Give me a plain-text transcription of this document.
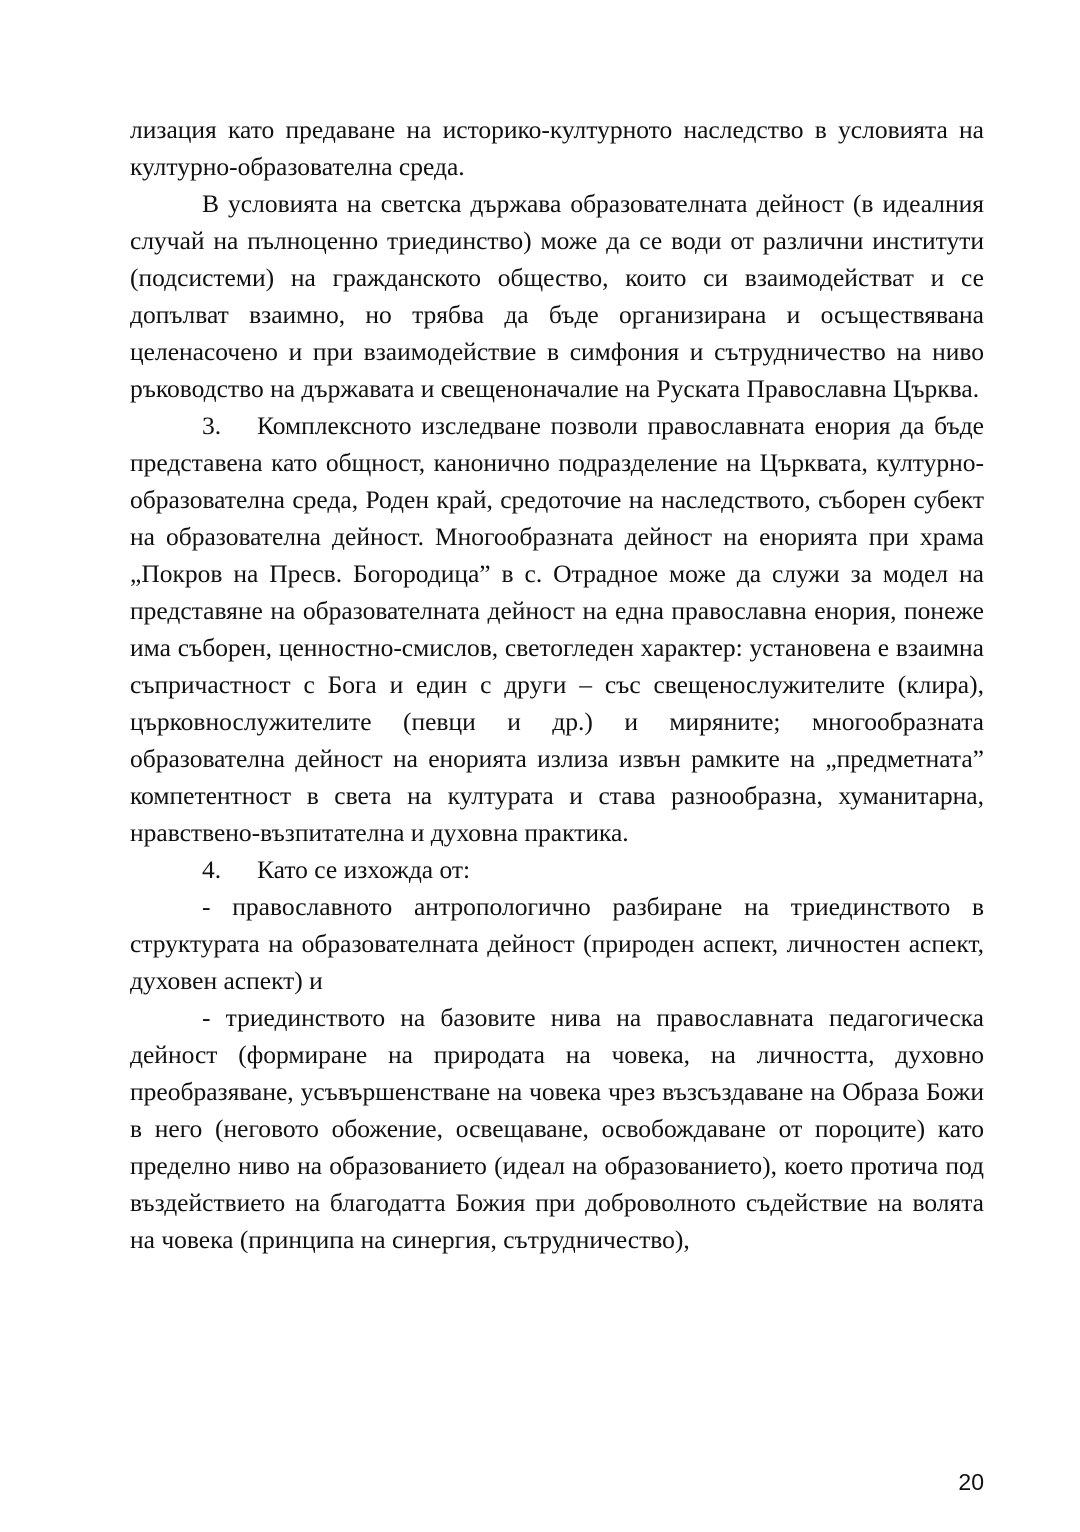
лизация като предаване на историко-културното наследство в условията на културно-образователна среда.

В условията на светска държава образователната дейност (в идеалния случай на пълноценно триединство) може да се води от различни институти (подсистеми) на гражданското общество, които си взаимодействат и се допълват взаимно, но трябва да бъде организирана и осъществявана целенасочено и при взаимодействие в симфония и сътрудничество на ниво ръководство на държавата и свещеноначалие на Руската Православна Църква.

3. Комплексното изследване позволи православната енория да бъде представена като общност, канонично подразделение на Църквата, културно-образователна среда, Роден край, средоточие на наследството, съборен субект на образователна дейност. Многообразната дейност на енорията при храма „Покров на Пресв. Богородица” в с. Отрадное може да служи за модел на представяне на образователната дейност на една православна енория, понеже има съборен, ценностно-смислов, светогледен характер: установена е взаимна съпричастност с Бога и един с други – със свещенослужителите (клира), църковнослужителите (певци и др.) и миряните; многообразната образователна дейност на енорията излиза извън рамките на „предметната” компетентност в света на културата и става разнообразна, хуманитарна, нравствено-възпитателна и духовна практика.

4. Като се изхожда от:

- православното антропологично разбиране на триединството в структурата на образователната дейност (природен аспект, личностен аспект, духовен аспект) и

- триединството на базовите нива на православната педагогическа дейност (формиране на природата на човека, на личността, духовно преобразяване, усъвършенстване на човека чрез възсъздаване на Образа Божи в него (неговото обожение, освещаване, освобождаване от пороците) като пределно ниво на образованието (идеал на образованието), което протича под въздействието на благодатта Божия при доброволното съдействие на волята на човека (принципа на синергия, сътрудничество),

20
